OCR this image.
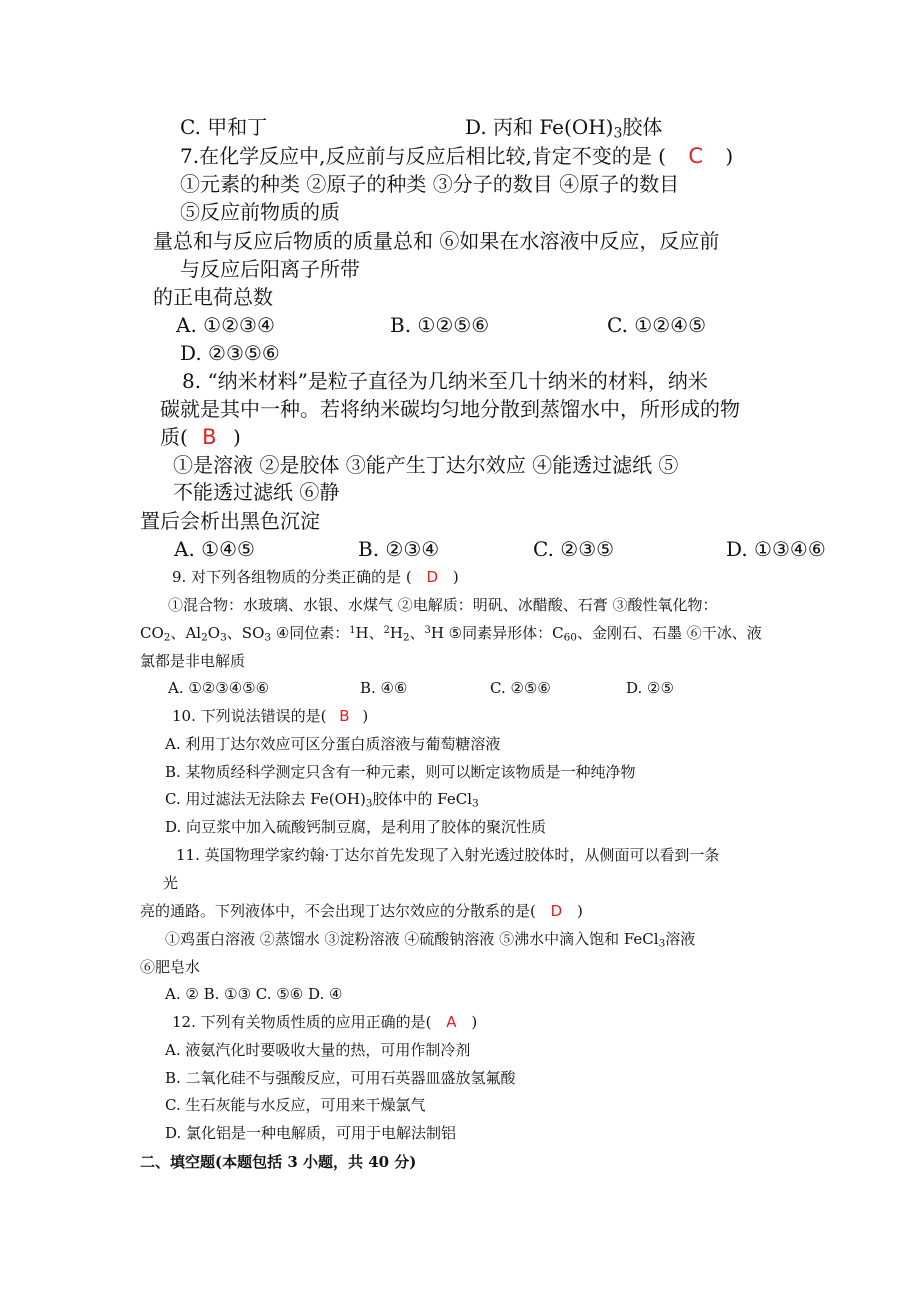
C. 甲和丁	D. 丙和 $Fe(OH)_3$胶体
7.在化学反应中,反应前与反应后相比较,肯定不变的是 ( C )
①元素的种类 ②原子的种类 ③分子的数目 ④原子的数目
⑤反应前物质的质
量总和与反应后物质的质量总和 ⑥如果在水溶液中反应，反应前
与反应后阳离子所带
的正电荷总数
A. ①②③④	B. ①②⑤⑥	C. ①②④⑤
D. ②③⑤⑥
8. “纳米材料”是粒子直径为几纳米至几十纳米的材料，纳米
碳就是其中一种。若将纳米碳均匀地分散到蒸馏水中，所形成的物
质( B )
①是溶液 ②是胶体 ③能产生丁达尔效应 ④能透过滤纸 ⑤
不能透过滤纸 ⑥静
置后会析出黑色沉淀
A. ①④⑤	B. ②③④	C. ②③⑤	D. ①③④⑥
9. 对下列各组物质的分类正确的是 ( D )
①混合物：水玻璃、水银、水煤气 ②电解质：明矾、冰醋酸、石膏 ③酸性氧化物：
$CO_2$、$Al_2O_3$、$SO_3$ ④同位素：$^1$H、$^2H_2$、$^3$H ⑤同素异形体：$C_{60}$、金刚石、石墨 ⑥干冰、液
氯都是非电解质
A. ①②③④⑤⑥	B. ④⑥	C. ②⑤⑥	D. ②⑤
10. 下列说法错误的是( B )
A. 利用丁达尔效应可区分蛋白质溶液与葡萄糖溶液
B. 某物质经科学测定只含有一种元素，则可以断定该物质是一种纯净物
C. 用过滤法无法除去 $Fe(OH)_3$胶体中的 FeCl$_3$
D. 向豆浆中加入硫酸钙制豆腐，是利用了胶体的聚沉性质
11. 英国物理学家约翰·丁达尔首先发现了入射光透过胶体时，从侧面可以看到一条
光
亮的通路。下列液体中，不会出现丁达尔效应的分散系的是( D )
①鸡蛋白溶液 ②蒸馏水 ③淀粉溶液 ④硫酸钠溶液 ⑤沸水中滴入饱和 FeCl$_3$溶液
⑥肥皂水
A. ② B. ①③ C. ⑤⑥ D. ④
12. 下列有关物质性质的应用正确的是( A )
A. 液氨汽化时要吸收大量的热，可用作制冷剂
B. 二氧化硅不与强酸反应，可用石英器皿盛放氢氟酸
C. 生石灰能与水反应，可用来干燥氯气
D. 氯化铝是一种电解质，可用于电解法制铝
二、填空题(本题包括 3 小题，共 40 分)
